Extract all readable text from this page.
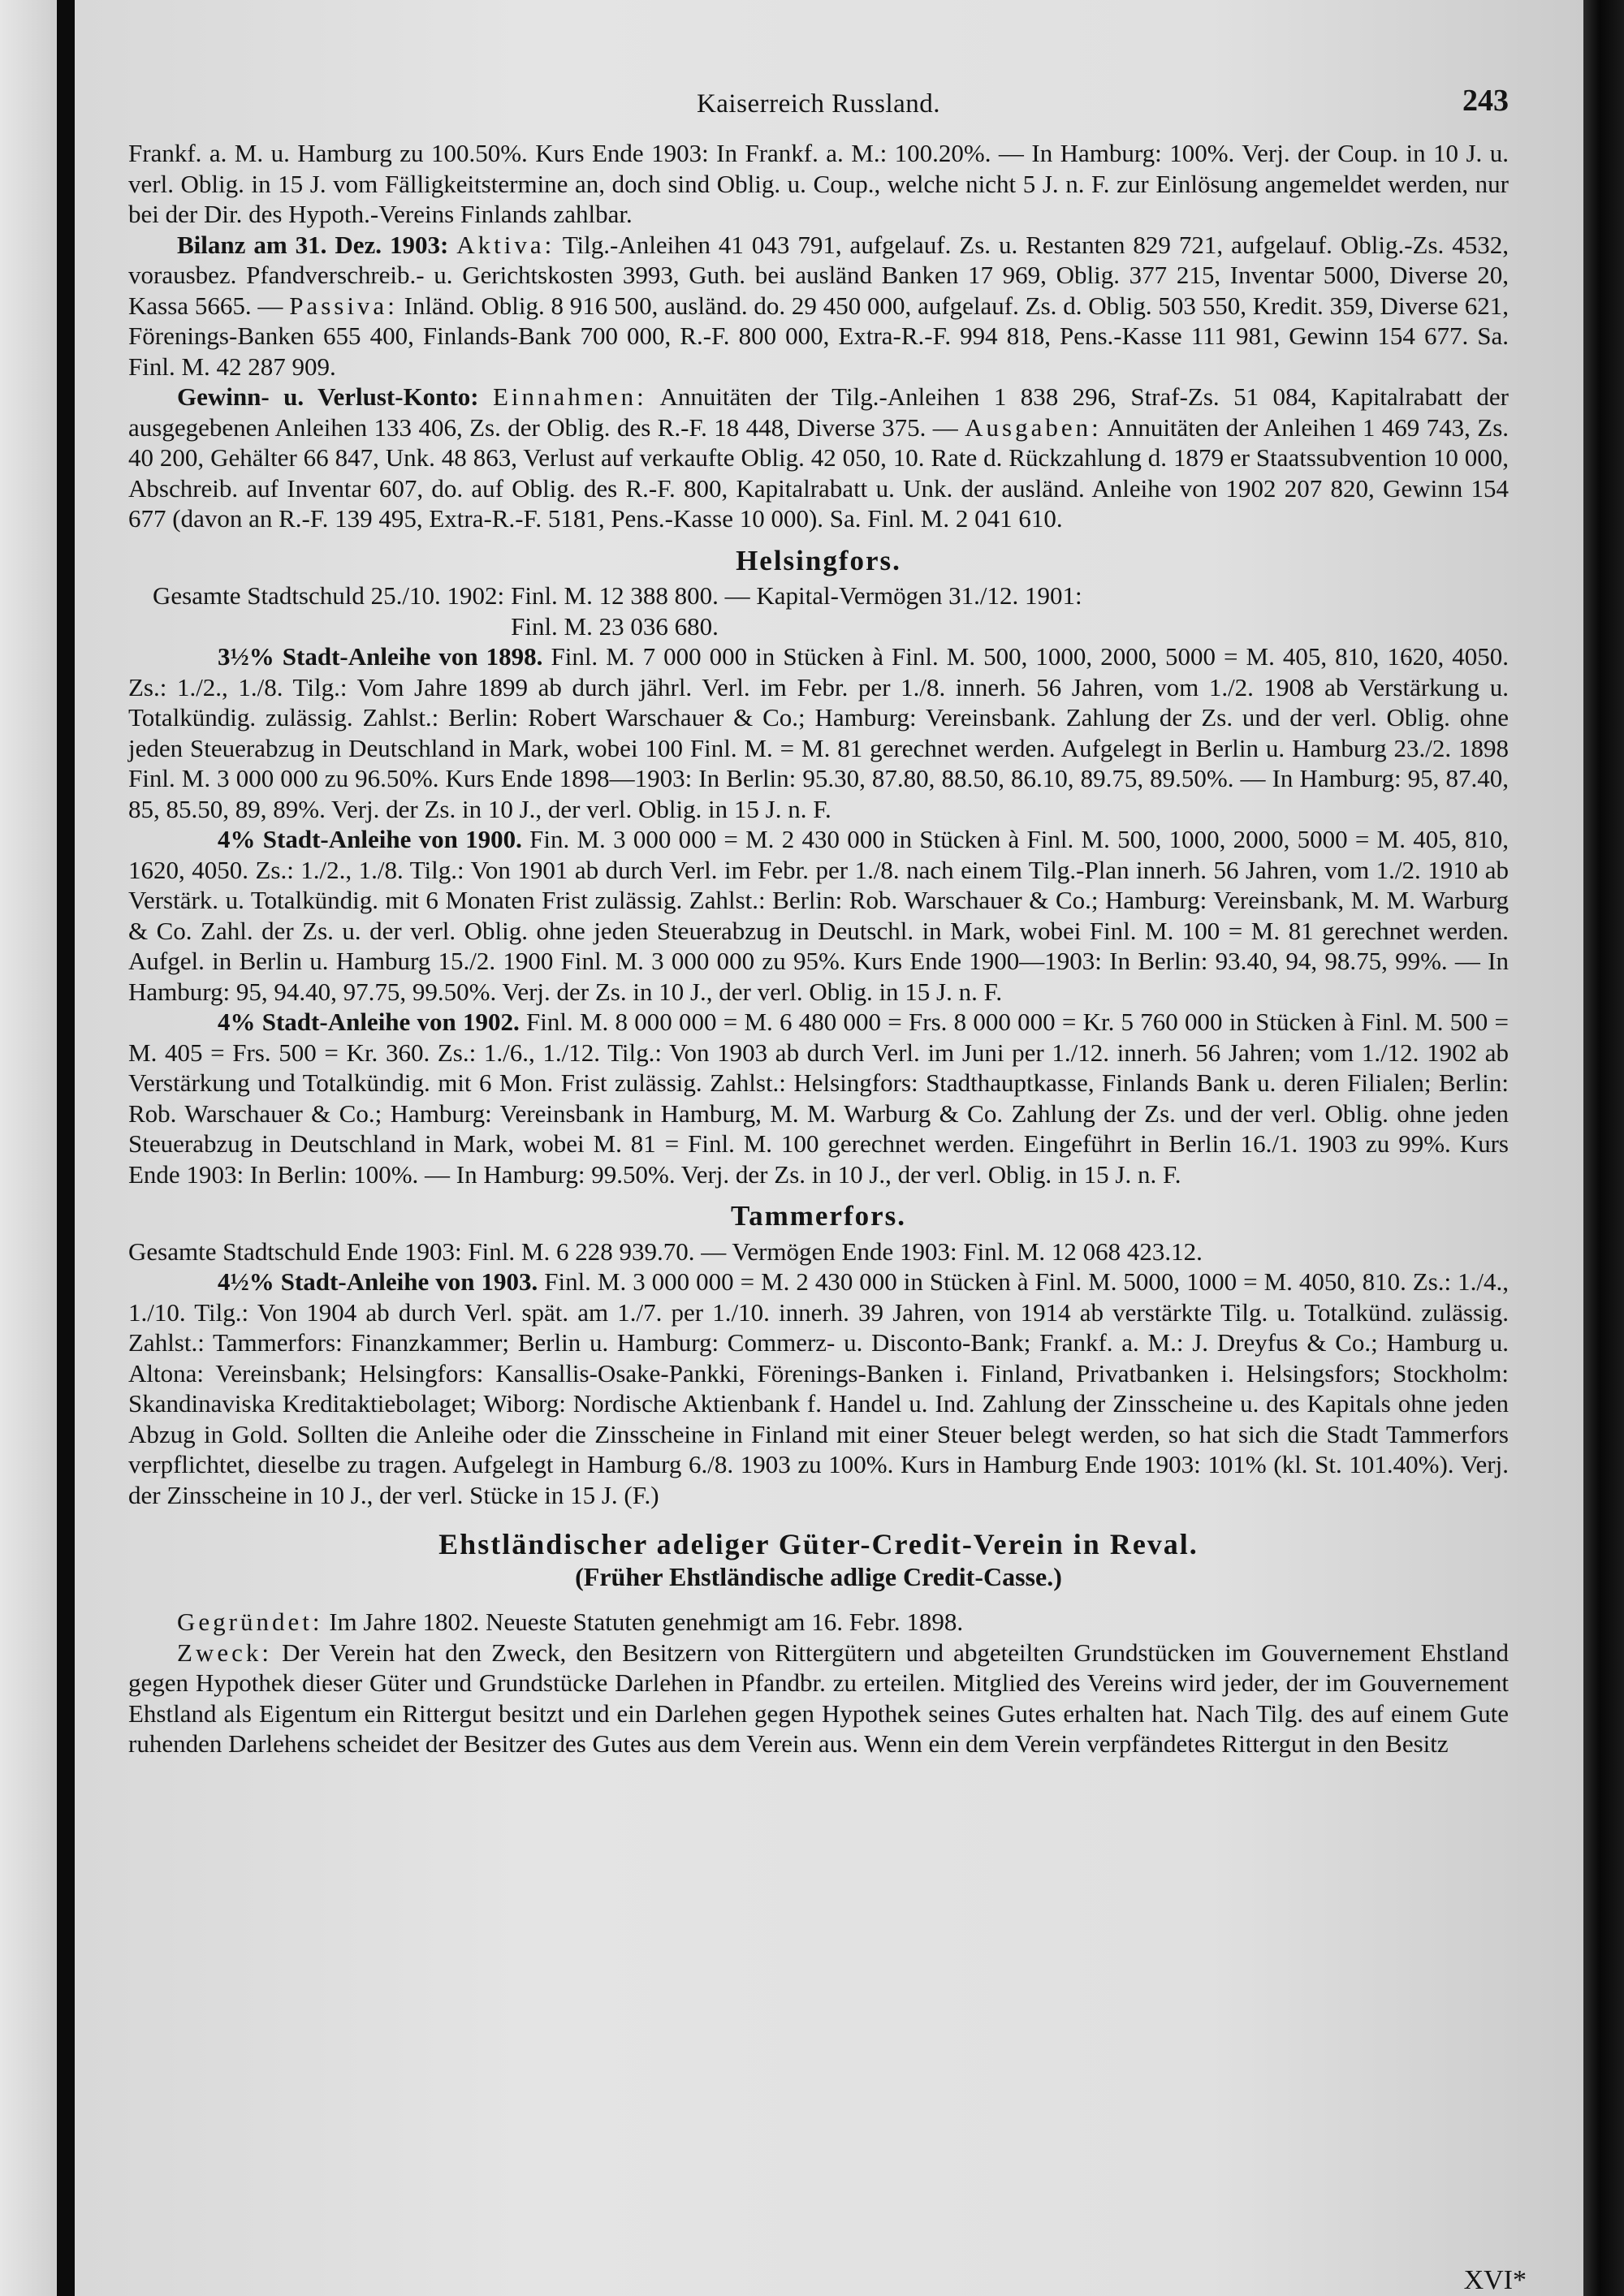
Kaiserreich Russland.	243

Frankf. a. M. u. Hamburg zu 100.50%. Kurs Ende 1903: In Frankf. a. M.: 100.20%. — In Hamburg: 100%. Verj. der Coup. in 10 J. u. verl. Oblig. in 15 J. vom Fälligkeitstermine an, doch sind Oblig. u. Coup., welche nicht 5 J. n. F. zur Einlösung angemeldet werden, nur bei der Dir. des Hypoth.-Vereins Finlands zahlbar.

Bilanz am 31. Dez. 1903: Aktiva: Tilg.-Anleihen 41 043 791, aufgelauf. Zs. u. Restanten 829 721, aufgelauf. Oblig.-Zs. 4532, vorausbez. Pfandverschreib.- u. Gerichtskosten 3993, Guth. bei ausländ Banken 17 969, Oblig. 377 215, Inventar 5000, Diverse 20, Kassa 5665. — Passiva: Inländ. Oblig. 8 916 500, ausländ. do. 29 450 000, aufgelauf. Zs. d. Oblig. 503 550, Kredit. 359, Diverse 621, Förenings-Banken 655 400, Finlands-Bank 700 000, R.-F. 800 000, Extra-R.-F. 994 818, Pens.-Kasse 111 981, Gewinn 154 677. Sa. Finl. M. 42 287 909.

Gewinn- u. Verlust-Konto: Einnahmen: Annuitäten der Tilg.-Anleihen 1 838 296, Straf-Zs. 51 084, Kapitalrabatt der ausgegebenen Anleihen 133 406, Zs. der Oblig. des R.-F. 18 448, Diverse 375. — Ausgaben: Annuitäten der Anleihen 1 469 743, Zs. 40 200, Gehälter 66 847, Unk. 48 863, Verlust auf verkaufte Oblig. 42 050, 10. Rate d. Rückzahlung d. 1879 er Staatssubvention 10 000, Abschreib. auf Inventar 607, do. auf Oblig. des R.-F. 800, Kapitalrabatt u. Unk. der ausländ. Anleihe von 1902 207 820, Gewinn 154 677 (davon an R.-F. 139 495, Extra-R.-F. 5181, Pens.-Kasse 10 000). Sa. Finl. M. 2 041 610.

Helsingfors.
Gesamte Stadtschuld 25./10. 1902: Finl. M. 12 388 800. — Kapital-Vermögen 31./12. 1901:
Finl. M. 23 036 680.

3½% Stadt-Anleihe von 1898. Finl. M. 7 000 000 in Stücken à Finl. M. 500, 1000, 2000, 5000 = M. 405, 810, 1620, 4050. Zs.: 1./2., 1./8. Tilg.: Vom Jahre 1899 ab durch jährl. Verl. im Febr. per 1./8. innerh. 56 Jahren, vom 1./2. 1908 ab Verstärkung u. Totalkündig. zulässig. Zahlst.: Berlin: Robert Warschauer & Co.; Hamburg: Vereinsbank. Zahlung der Zs. und der verl. Oblig. ohne jeden Steuerabzug in Deutschland in Mark, wobei 100 Finl. M. = M. 81 gerechnet werden. Aufgelegt in Berlin u. Hamburg 23./2. 1898 Finl. M. 3 000 000 zu 96.50%. Kurs Ende 1898—1903: In Berlin: 95.30, 87.80, 88.50, 86.10, 89.75, 89.50%. — In Hamburg: 95, 87.40, 85, 85.50, 89, 89%. Verj. der Zs. in 10 J., der verl. Oblig. in 15 J. n. F.

4% Stadt-Anleihe von 1900. Fin. M. 3 000 000 = M. 2 430 000 in Stücken à Finl. M. 500, 1000, 2000, 5000 = M. 405, 810, 1620, 4050. Zs.: 1./2., 1./8. Tilg.: Von 1901 ab durch Verl. im Febr. per 1./8. nach einem Tilg.-Plan innerh. 56 Jahren, vom 1./2. 1910 ab Verstärk. u. Totalkündig. mit 6 Monaten Frist zulässig. Zahlst.: Berlin: Rob. Warschauer & Co.; Hamburg: Vereinsbank, M. M. Warburg & Co. Zahl. der Zs. u. der verl. Oblig. ohne jeden Steuerabzug in Deutschl. in Mark, wobei Finl. M. 100 = M. 81 gerechnet werden. Aufgel. in Berlin u. Hamburg 15./2. 1900 Finl. M. 3 000 000 zu 95%. Kurs Ende 1900—1903: In Berlin: 93.40, 94, 98.75, 99%. — In Hamburg: 95, 94.40, 97.75, 99.50%. Verj. der Zs. in 10 J., der verl. Oblig. in 15 J. n. F.

4% Stadt-Anleihe von 1902. Finl. M. 8 000 000 = M. 6 480 000 = Frs. 8 000 000 = Kr. 5 760 000 in Stücken à Finl. M. 500 = M. 405 = Frs. 500 = Kr. 360. Zs.: 1./6., 1./12. Tilg.: Von 1903 ab durch Verl. im Juni per 1./12. innerh. 56 Jahren; vom 1./12. 1902 ab Verstärkung und Totalkündig. mit 6 Mon. Frist zulässig. Zahlst.: Helsingfors: Stadthauptkasse, Finlands Bank u. deren Filialen; Berlin: Rob. Warschauer & Co.; Hamburg: Vereinsbank in Hamburg, M. M. Warburg & Co. Zahlung der Zs. und der verl. Oblig. ohne jeden Steuerabzug in Deutschland in Mark, wobei M. 81 = Finl. M. 100 gerechnet werden. Eingeführt in Berlin 16./1. 1903 zu 99%. Kurs Ende 1903: In Berlin: 100%. — In Hamburg: 99.50%. Verj. der Zs. in 10 J., der verl. Oblig. in 15 J. n. F.

Tammerfors.

Gesamte Stadtschuld Ende 1903: Finl. M. 6 228 939.70. — Vermögen Ende 1903: Finl. M. 12 068 423.12.

4½% Stadt-Anleihe von 1903. Finl. M. 3 000 000 = M. 2 430 000 in Stücken à Finl. M. 5000, 1000 = M. 4050, 810. Zs.: 1./4., 1./10. Tilg.: Von 1904 ab durch Verl. spät. am 1./7. per 1./10. innerh. 39 Jahren, von 1914 ab verstärkte Tilg. u. Totalkünd. zulässig. Zahlst.: Tammerfors: Finanzkammer; Berlin u. Hamburg: Commerz- u. Disconto-Bank; Frankf. a. M.: J. Dreyfus & Co.; Hamburg u. Altona: Vereinsbank; Helsingfors: Kansallis-Osake-Pankki, Förenings-Banken i. Finland, Privatbanken i. Helsingsfors; Stockholm: Skandinaviska Kreditaktiebolaget; Wiborg: Nordische Aktienbank f. Handel u. Ind. Zahlung der Zinsscheine u. des Kapitals ohne jeden Abzug in Gold. Sollten die Anleihe oder die Zinsscheine in Finland mit einer Steuer belegt werden, so hat sich die Stadt Tammerfors verpflichtet, dieselbe zu tragen. Aufgelegt in Hamburg 6./8. 1903 zu 100%. Kurs in Hamburg Ende 1903: 101% (kl. St. 101.40%). Verj. der Zinsscheine in 10 J., der verl. Stücke in 15 J. (F.)

Ehstländischer adeliger Güter-Credit-Verein in Reval.
(Früher Ehstländische adlige Credit-Casse.)

Gegründet: Im Jahre 1802. Neueste Statuten genehmigt am 16. Febr. 1898.

Zweck: Der Verein hat den Zweck, den Besitzern von Rittergütern und abgeteilten Grundstücken im Gouvernement Ehstland gegen Hypothek dieser Güter und Grundstücke Darlehen in Pfandbr. zu erteilen. Mitglied des Vereins wird jeder, der im Gouvernement Ehstland als Eigentum ein Rittergut besitzt und ein Darlehen gegen Hypothek seines Gutes erhalten hat. Nach Tilg. des auf einem Gute ruhenden Darlehens scheidet der Besitzer des Gutes aus dem Verein aus. Wenn ein dem Verein verpfändetes Rittergut in den Besitz

XVI*
